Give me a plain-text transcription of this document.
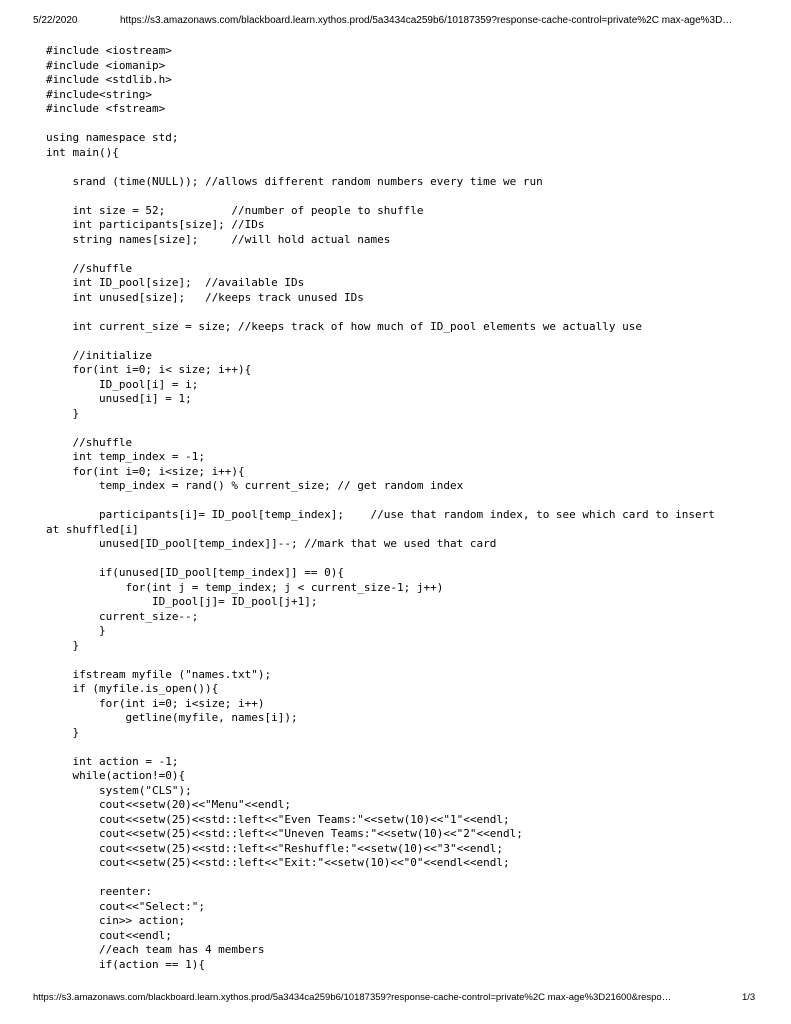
5/22/2020	https://s3.amazonaws.com/blackboard.learn.xythos.prod/5a3434ca259b6/10187359?response-cache-control=private%2C max-age%3D…
#include <iostream>
#include <iomanip>
#include <stdlib.h>
#include<string>
#include <fstream>
using namespace std;
int main(){
srand (time(NULL)); //allows different random numbers every time we run
int size = 52;          //number of people to shuffle
int participants[size]; //IDs
string names[size];     //will hold actual names
//shuffle
int ID_pool[size];  //available IDs
int unused[size];   //keeps track unused IDs
int current_size = size; //keeps track of how much of ID_pool elements we actually use
//initialize
for(int i=0; i< size; i++){
ID_pool[i] = i;
unused[i] = 1;
}
//shuffle
int temp_index = -1;
for(int i=0; i<size; i++){
temp_index = rand() % current_size; // get random index
participants[i]= ID_pool[temp_index];    //use that random index, to see which card to insert
at shuffled[i]
unused[ID_pool[temp_index]]--; //mark that we used that card
if(unused[ID_pool[temp_index]] == 0){
for(int j = temp_index; j < current_size-1; j++)
ID_pool[j]= ID_pool[j+1];
current_size--;
}
}
ifstream myfile ("names.txt");
if (myfile.is_open()){
for(int i=0; i<size; i++)
getline(myfile, names[i]);
}
int action = -1;
while(action!=0){
system("CLS");
cout<<setw(20)<<"Menu"<<endl;
cout<<setw(25)<<std::left<<"Even Teams:"<<setw(10)<<"1"<<endl;
cout<<setw(25)<<std::left<<"Uneven Teams:"<<setw(10)<<"2"<<endl;
cout<<setw(25)<<std::left<<"Reshuffle:"<<setw(10)<<"3"<<endl;
cout<<setw(25)<<std::left<<"Exit:"<<setw(10)<<"0"<<endl<<endl;
reenter:
cout<<"Select:";
cin>> action;
cout<<endl;
//each team has 4 members
if(action == 1){
https://s3.amazonaws.com/blackboard.learn.xythos.prod/5a3434ca259b6/10187359?response-cache-control=private%2C max-age%3D21600&respo…	1/3
